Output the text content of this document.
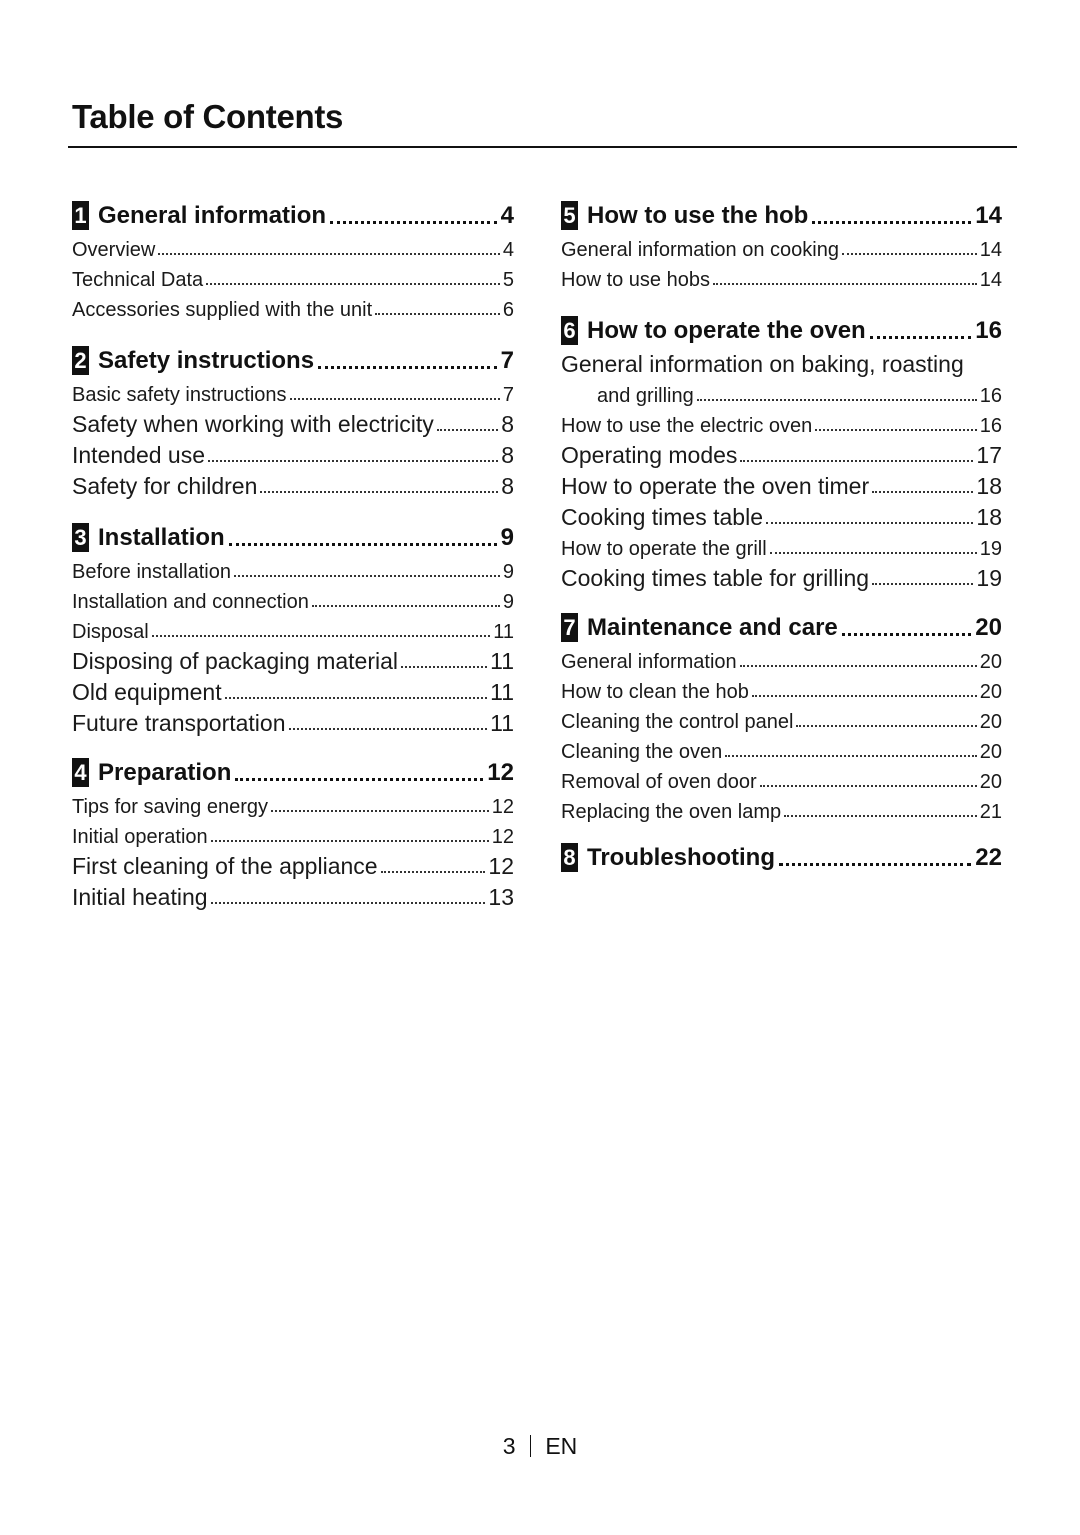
Table of Contents
1 General information	4
Overview	4
Technical Data	5
Accessories supplied with the unit	6
2 Safety instructions	7
Basic safety instructions	7
Safety when working with electricity	8
Intended use	8
Safety for children	8
3 Installation	9
Before installation	9
Installation and connection	9
Disposal	11
Disposing of packaging material	11
Old equipment	11
Future transportation	11
4 Preparation	12
Tips for saving energy	12
Initial operation	12
First cleaning of the appliance	12
Initial heating	13
5 How to use the hob	14
General information on cooking	14
How to use hobs	14
6 How to operate the oven	16
General information on baking, roasting
and grilling	16
How to use the electric oven	16
Operating modes	17
How to operate the oven timer	18
Cooking times table	18
How to operate the grill	19
Cooking times table for grilling	19
7 Maintenance and care	20
General information	20
How to clean the hob	20
Cleaning the control panel	20
Cleaning the oven	20
Removal of oven door	20
Replacing the oven lamp	21
8 Troubleshooting	22
3 EN
